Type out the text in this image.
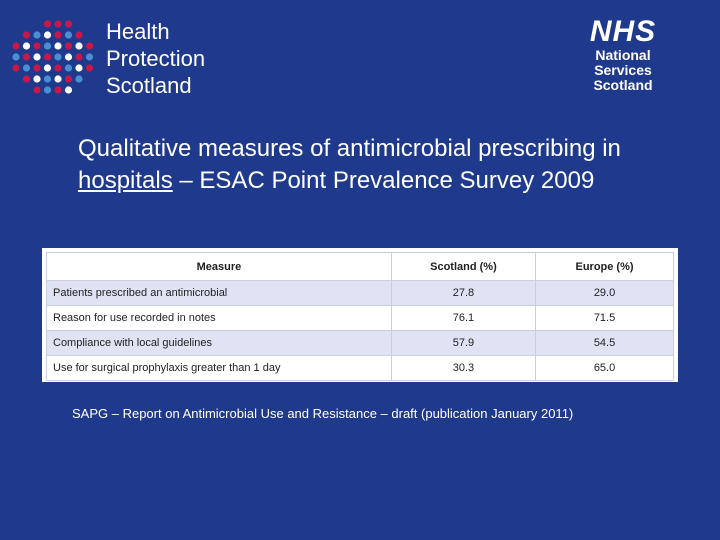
Health
Protection
Scotland
NHS
National
Services
Scotland
Qualitative measures of antimicrobial prescribing in hospitals – ESAC Point Prevalence Survey 2009
Measure	Scotland (%)	Europe (%)
Patients prescribed an antimicrobial	27.8	29.0
Reason for use recorded in notes	76.1	71.5
Compliance with local guidelines	57.9	54.5
Use for surgical prophylaxis greater than 1 day	30.3	65.0
SAPG – Report on Antimicrobial Use and Resistance – draft (publication January 2011)
